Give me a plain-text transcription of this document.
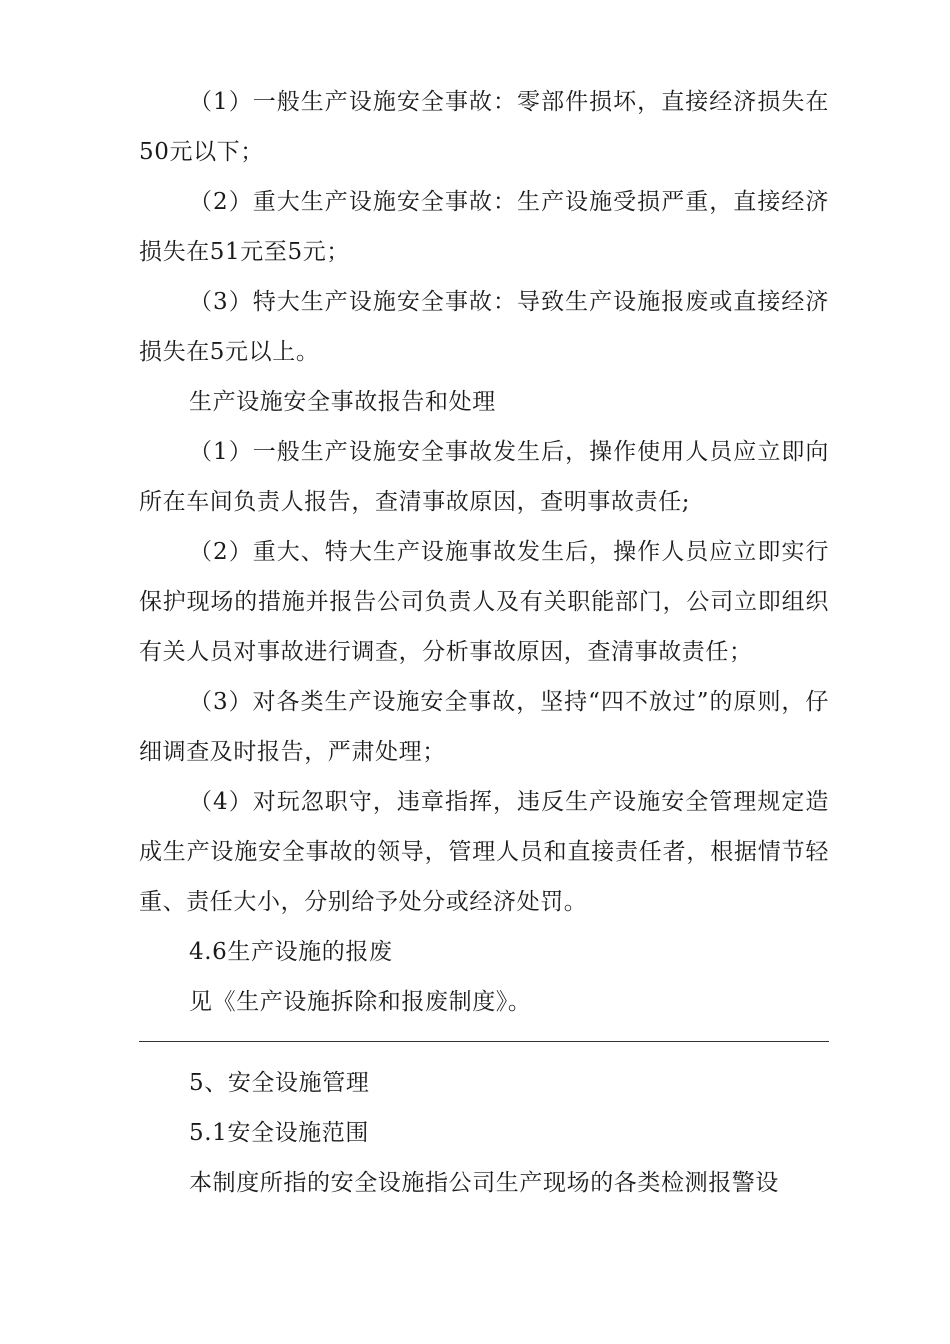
（1）一般生产设施安全事故：零部件损坏，直接经济损失在50元以下；

（2）重大生产设施安全事故：生产设施受损严重，直接经济损失在51元至5元；

（3）特大生产设施安全事故：导致生产设施报废或直接经济损失在5元以上。

生产设施安全事故报告和处理

（1）一般生产设施安全事故发生后，操作使用人员应立即向所在车间负责人报告，查清事故原因，查明事故责任;

（2）重大、特大生产设施事故发生后，操作人员应立即实行保护现场的措施并报告公司负责人及有关职能部门，公司立即组织有关人员对事故进行调查，分析事故原因，查清事故责任；

（3）对各类生产设施安全事故，坚持“四不放过”的原则，仔细调查及时报告，严肃处理；

（4）对玩忽职守，违章指挥，违反生产设施安全管理规定造成生产设施安全事故的领导，管理人员和直接责任者，根据情节轻重、责任大小，分别给予处分或经济处罚。

4.6生产设施的报废

见《生产设施拆除和报废制度》。

5、安全设施管理

5.1安全设施范围

本制度所指的安全设施指公司生产现场的各类检测报警设
